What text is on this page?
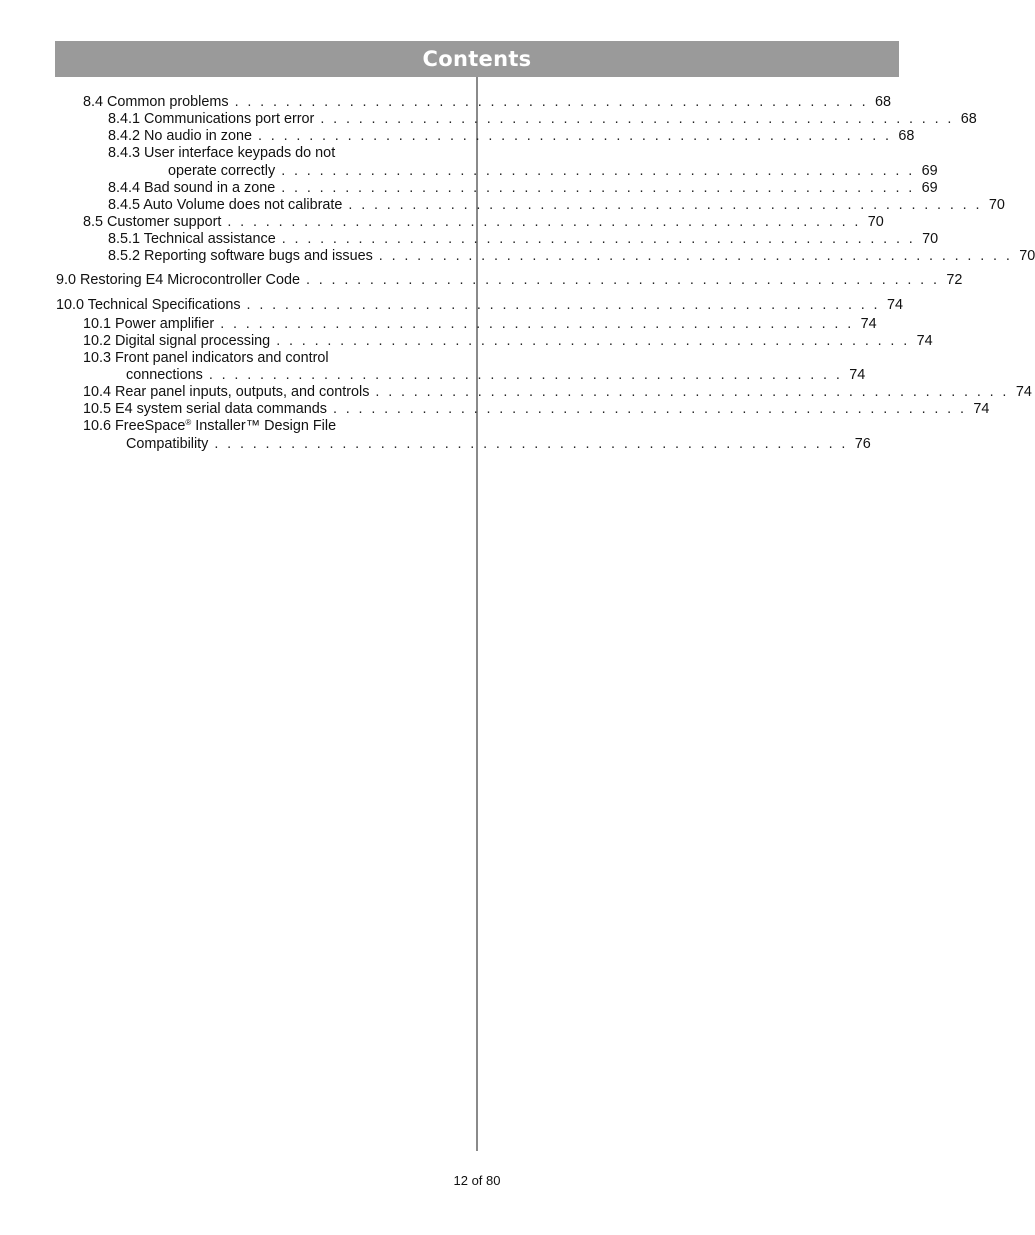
Contents
8.4 Common problems . . . . . . . . . . . . . . . . . . . . . . . . . . . . . . . . . . . . . . . . . . . . . . . . . . 68
8.4.1 Communications port error . . . . . . . . . . . . . . . . . . . . . . . . . . . . . . . . . . . . . . . . . . . . . . . . . . 68
8.4.2 No audio in zone . . . . . . . . . . . . . . . . . . . . . . . . . . . . . . . . . . . . . . . . . . . . . . . . . . 68
8.4.3 User interface keypads do not
operate correctly . . . . . . . . . . . . . . . . . . . . . . . . . . . . . . . . . . . . . . . . . . . . . . . . . . 69
8.4.4 Bad sound in a zone . . . . . . . . . . . . . . . . . . . . . . . . . . . . . . . . . . . . . . . . . . . . . . . . . . 69
8.4.5 Auto Volume does not calibrate . . . . . . . . . . . . . . . . . . . . . . . . . . . . . . . . . . . . . . . . . . . . . . . . . . 70
8.5 Customer support . . . . . . . . . . . . . . . . . . . . . . . . . . . . . . . . . . . . . . . . . . . . . . . . . . 70
8.5.1 Technical assistance . . . . . . . . . . . . . . . . . . . . . . . . . . . . . . . . . . . . . . . . . . . . . . . . . . 70
8.5.2 Reporting software bugs and issues . . . . . . . . . . . . . . . . . . . . . . . . . . . . . . . . . . . . . . . . . . . . . . . . . . 70
9.0 Restoring E4 Microcontroller Code . . . . . . . . . . . . . . . . . . . . . . . . . . . . . . . . . . . . . . . . . . . . . . . . . . 72
10.0 Technical Specifications . . . . . . . . . . . . . . . . . . . . . . . . . . . . . . . . . . . . . . . . . . . . . . . . . . 74
10.1 Power amplifier . . . . . . . . . . . . . . . . . . . . . . . . . . . . . . . . . . . . . . . . . . . . . . . . . . 74
10.2 Digital signal processing . . . . . . . . . . . . . . . . . . . . . . . . . . . . . . . . . . . . . . . . . . . . . . . . . . 74
10.3 Front panel indicators and control
connections . . . . . . . . . . . . . . . . . . . . . . . . . . . . . . . . . . . . . . . . . . . . . . . . . . 74
10.4 Rear panel inputs, outputs, and controls . . . . . . . . . . . . . . . . . . . . . . . . . . . . . . . . . . . . . . . . . . . . . . . . . . 74
10.5 E4 system serial data commands . . . . . . . . . . . . . . . . . . . . . . . . . . . . . . . . . . . . . . . . . . . . . . . . . . 74
10.6 FreeSpace® Installer™ Design File
Compatibility . . . . . . . . . . . . . . . . . . . . . . . . . . . . . . . . . . . . . . . . . . . . . . . . . . 76
12 of 80
